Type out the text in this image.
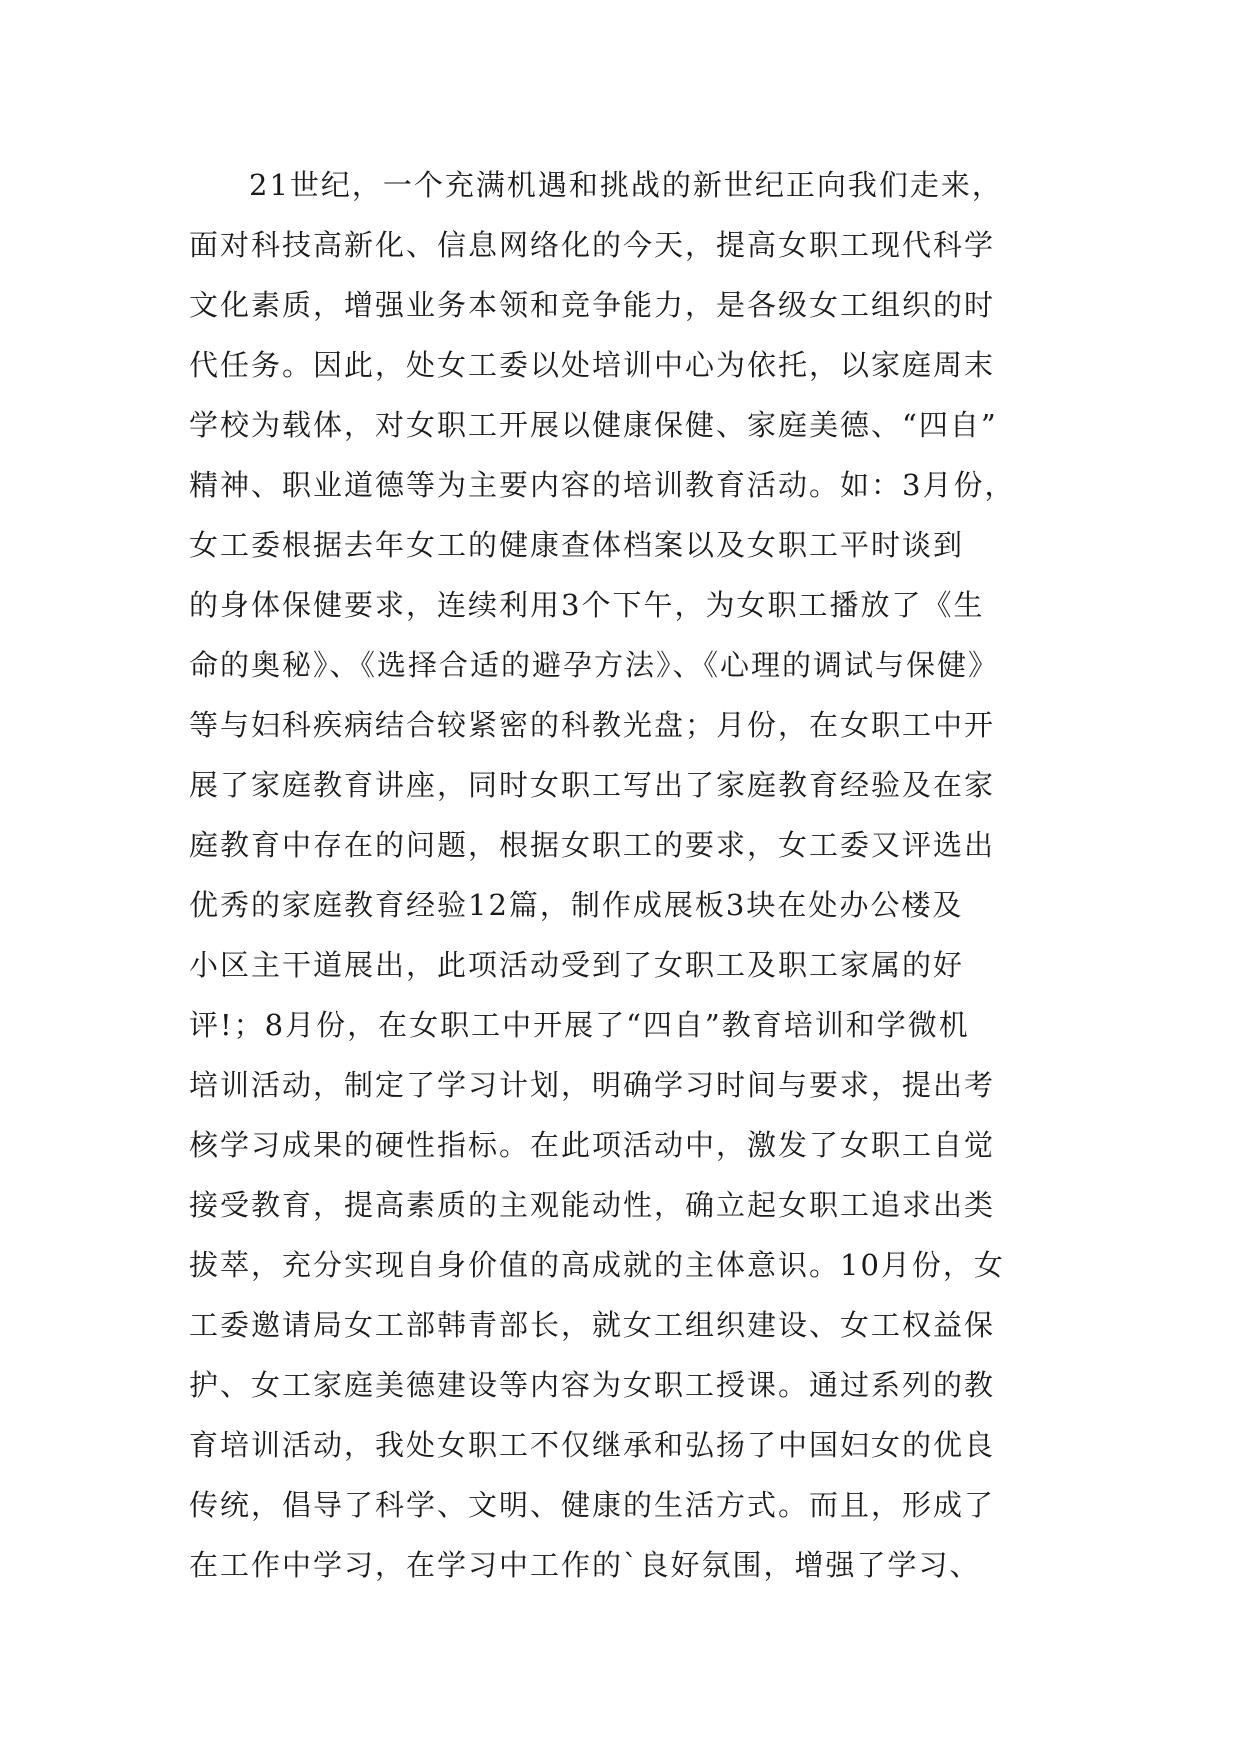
21世纪，一个充满机遇和挑战的新世纪正向我们走来，
面对科技高新化、信息网络化的今天，提高女职工现代科学
文化素质，增强业务本领和竞争能力，是各级女工组织的时
代任务。因此，处女工委以处培训中心为依托，以家庭周末
学校为载体，对女职工开展以健康保健、家庭美德、“四自”
精神、职业道德等为主要内容的培训教育活动。如：3月份，
女工委根据去年女工的健康查体档案以及女职工平时谈到
的身体保健要求，连续利用3个下午，为女职工播放了《生
命的奥秘》、《选择合适的避孕方法》、《心理的调试与保健》
等与妇科疾病结合较紧密的科教光盘；月份，在女职工中开
展了家庭教育讲座，同时女职工写出了家庭教育经验及在家
庭教育中存在的问题，根据女职工的要求，女工委又评选出
优秀的家庭教育经验12篇，制作成展板3块在处办公楼及
小区主干道展出，此项活动受到了女职工及职工家属的好
评!；8月份，在女职工中开展了“四自”教育培训和学微机
培训活动，制定了学习计划，明确学习时间与要求，提出考
核学习成果的硬性指标。在此项活动中，激发了女职工自觉
接受教育，提高素质的主观能动性，确立起女职工追求出类
拔萃，充分实现自身价值的高成就的主体意识。10月份，女
工委邀请局女工部韩青部长，就女工组织建设、女工权益保
护、女工家庭美德建设等内容为女职工授课。通过系列的教
育培训活动，我处女职工不仅继承和弘扬了中国妇女的优良
传统，倡导了科学、文明、健康的生活方式。而且，形成了
在工作中学习，在学习中工作的`良好氛围，增强了学习、
